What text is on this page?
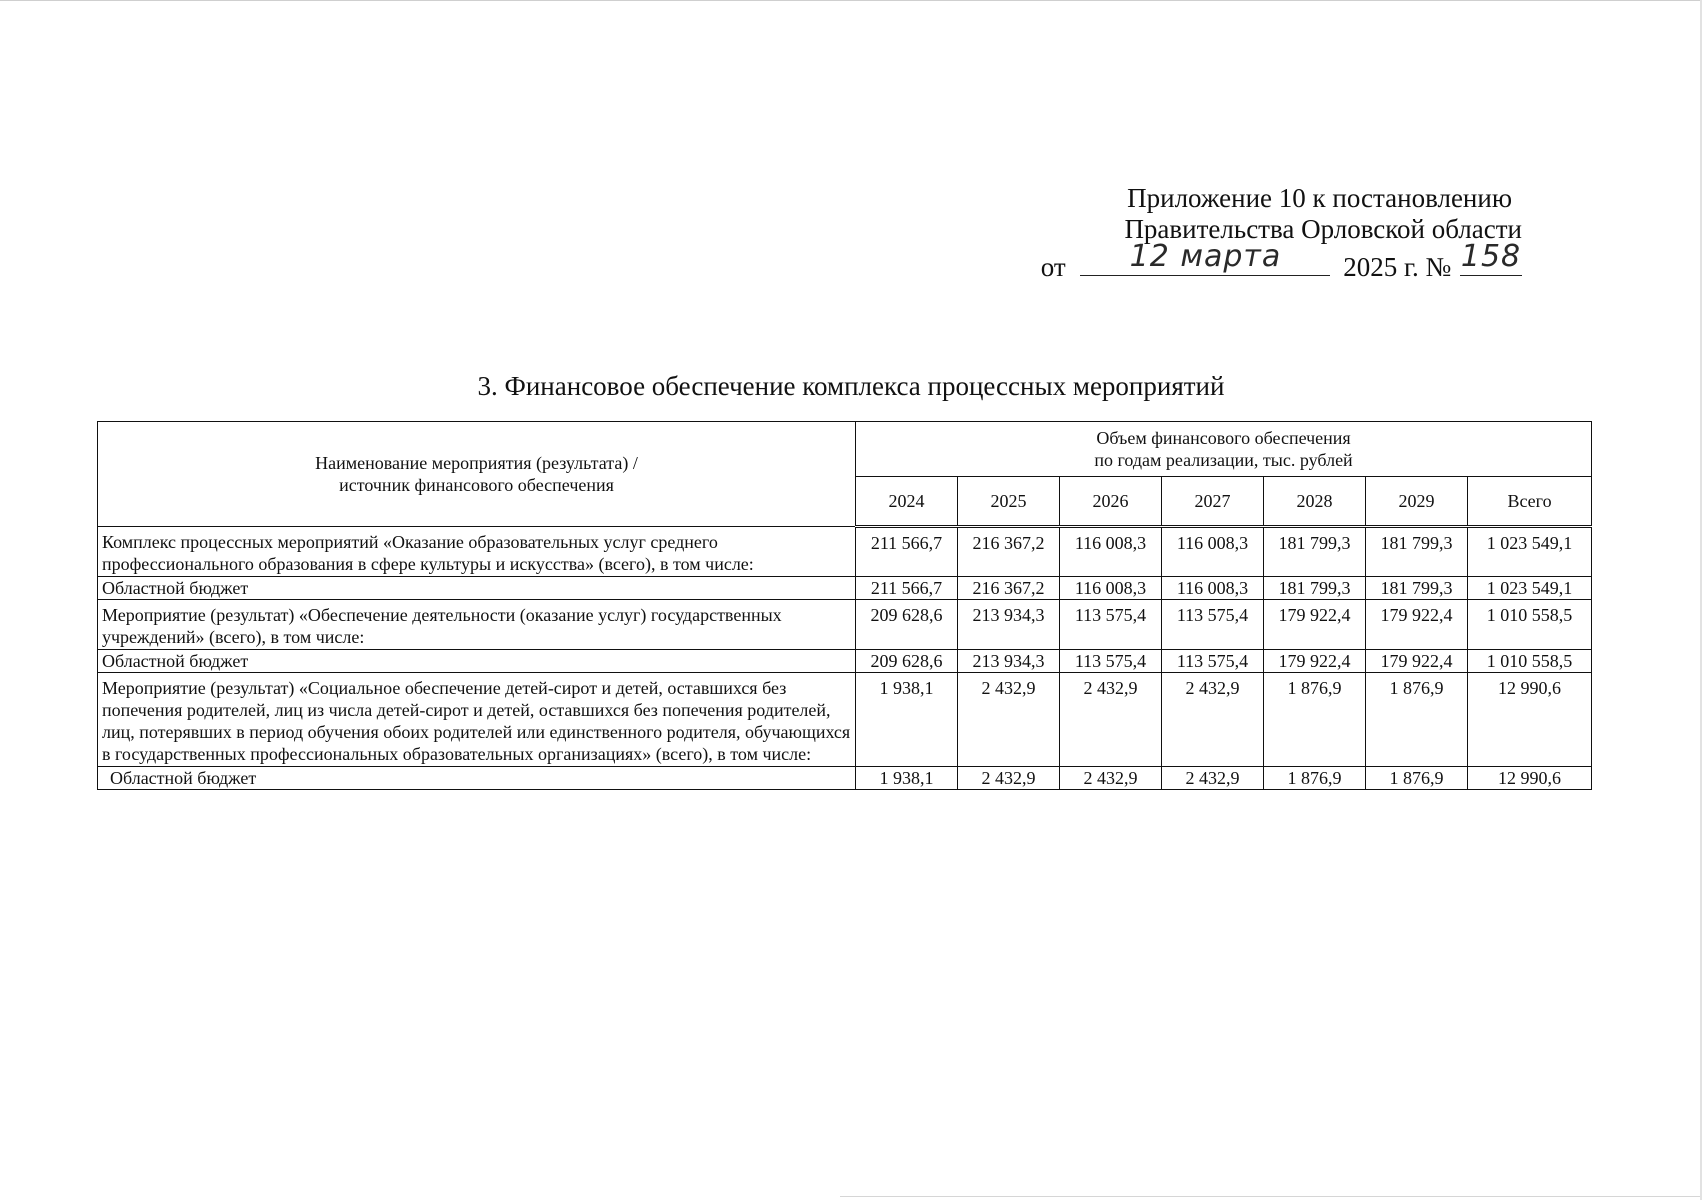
Приложение 10 к постановлению
Правительства Орловской области
от	12 марта	2025 г. № 158
3. Финансовое обеспечение комплекса процессных мероприятий
Наименование мероприятия (результата) /
источник финансового обеспечения	Объем финансового обеспечения
по годам реализации, тыс. рублей						
	2024	2025	2026	2027	2028	2029	Всего
Комплекс процессных мероприятий «Оказание образовательных услуг среднего профессионального образования в сфере культуры и искусства» (всего), в том числе:	211 566,7	216 367,2	116 008,3	116 008,3	181 799,3	181 799,3	1 023 549,1
Областной бюджет	211 566,7	216 367,2	116 008,3	116 008,3	181 799,3	181 799,3	1 023 549,1
Мероприятие (результат) «Обеспечение деятельности (оказание услуг) государственных учреждений» (всего), в том числе:	209 628,6	213 934,3	113 575,4	113 575,4	179 922,4	179 922,4	1 010 558,5
Областной бюджет	209 628,6	213 934,3	113 575,4	113 575,4	179 922,4	179 922,4	1 010 558,5
Мероприятие (результат) «Социальное обеспечение детей-сирот и детей, оставшихся без попечения родителей, лиц из числа детей-сирот и детей, оставшихся без попечения родителей, лиц, потерявших в период обучения обоих родителей или единственного родителя, обучающихся в государственных профессиональных образовательных организациях» (всего), в том числе:	1 938,1	2 432,9	2 432,9	2 432,9	1 876,9	1 876,9	12 990,6
Областной бюджет	1 938,1	2 432,9	2 432,9	2 432,9	1 876,9	1 876,9	12 990,6
